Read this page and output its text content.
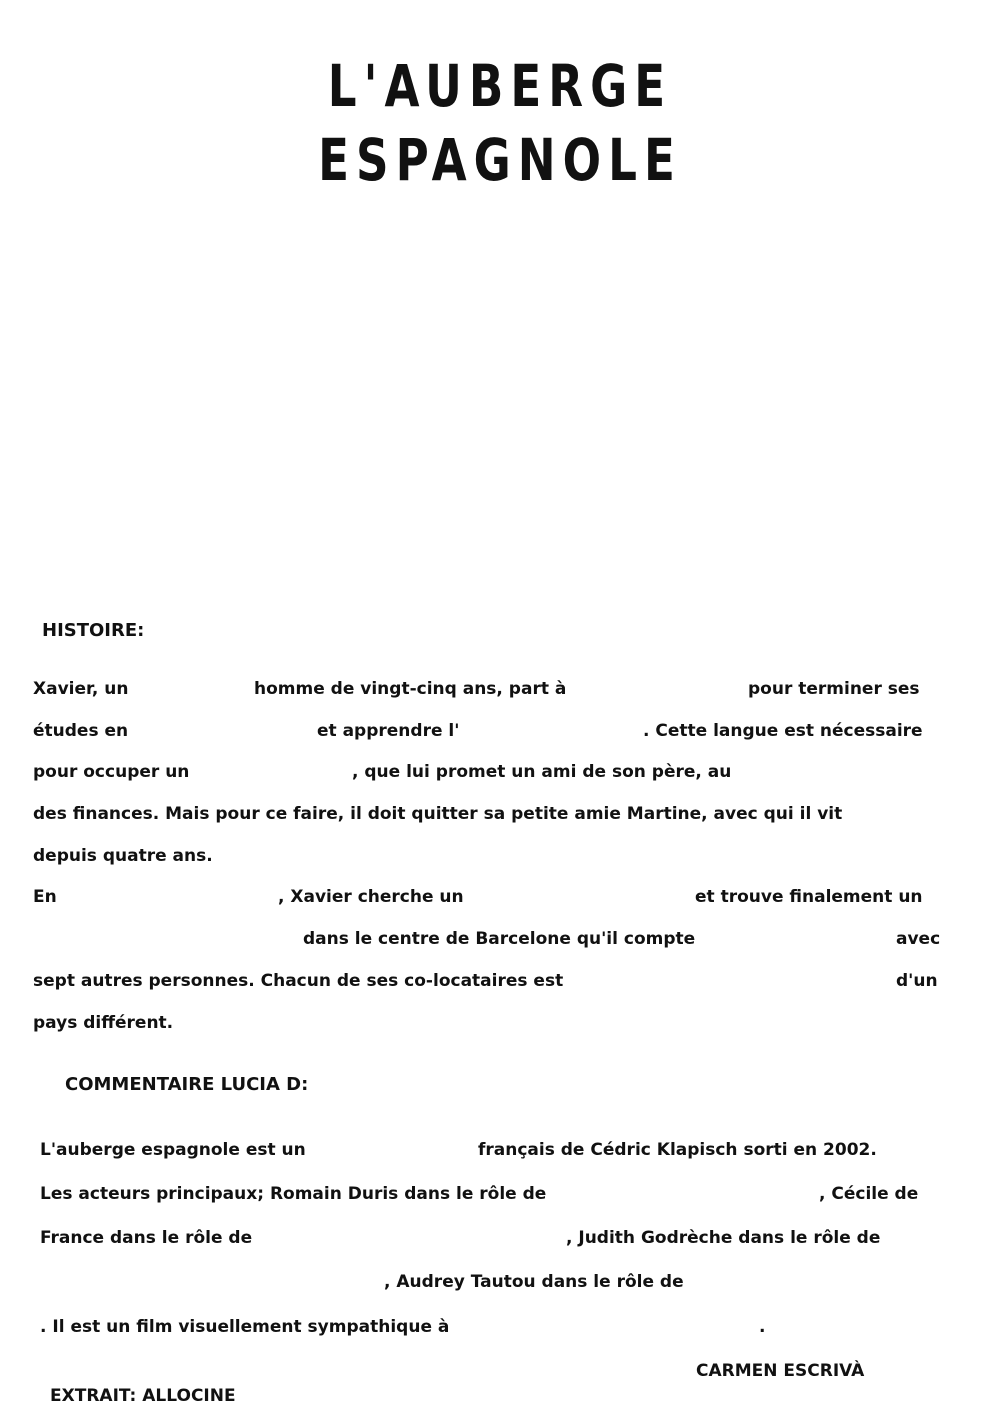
L'AUBERGE
ESPAGNOLE
HISTOIRE:
Xavier, un	homme de vingt-cinq ans, part à	pour terminer ses
études en	et apprendre l'	. Cette langue est nécessaire
pour occuper un	, que lui promet un ami de son père, au
des finances. Mais pour ce faire, il doit quitter sa petite amie Martine, avec qui il vit
depuis quatre ans.
En	, Xavier cherche un	et trouve finalement un
dans le centre de Barcelone qu'il compte	avec
sept autres personnes. Chacun de ses co-locataires est	d'un
pays différent.
COMMENTAIRE LUCIA D:
L'auberge espagnole est un	français de Cédric Klapisch sorti en 2002.
Les acteurs principaux; Romain Duris dans le rôle de	, Cécile de
France dans le rôle de	, Judith Godrèche dans le rôle de
, Audrey Tautou dans le rôle de
. Il est un film visuellement sympathique à	.
CARMEN ESCRIVÀ
EXTRAIT: ALLOCINE
